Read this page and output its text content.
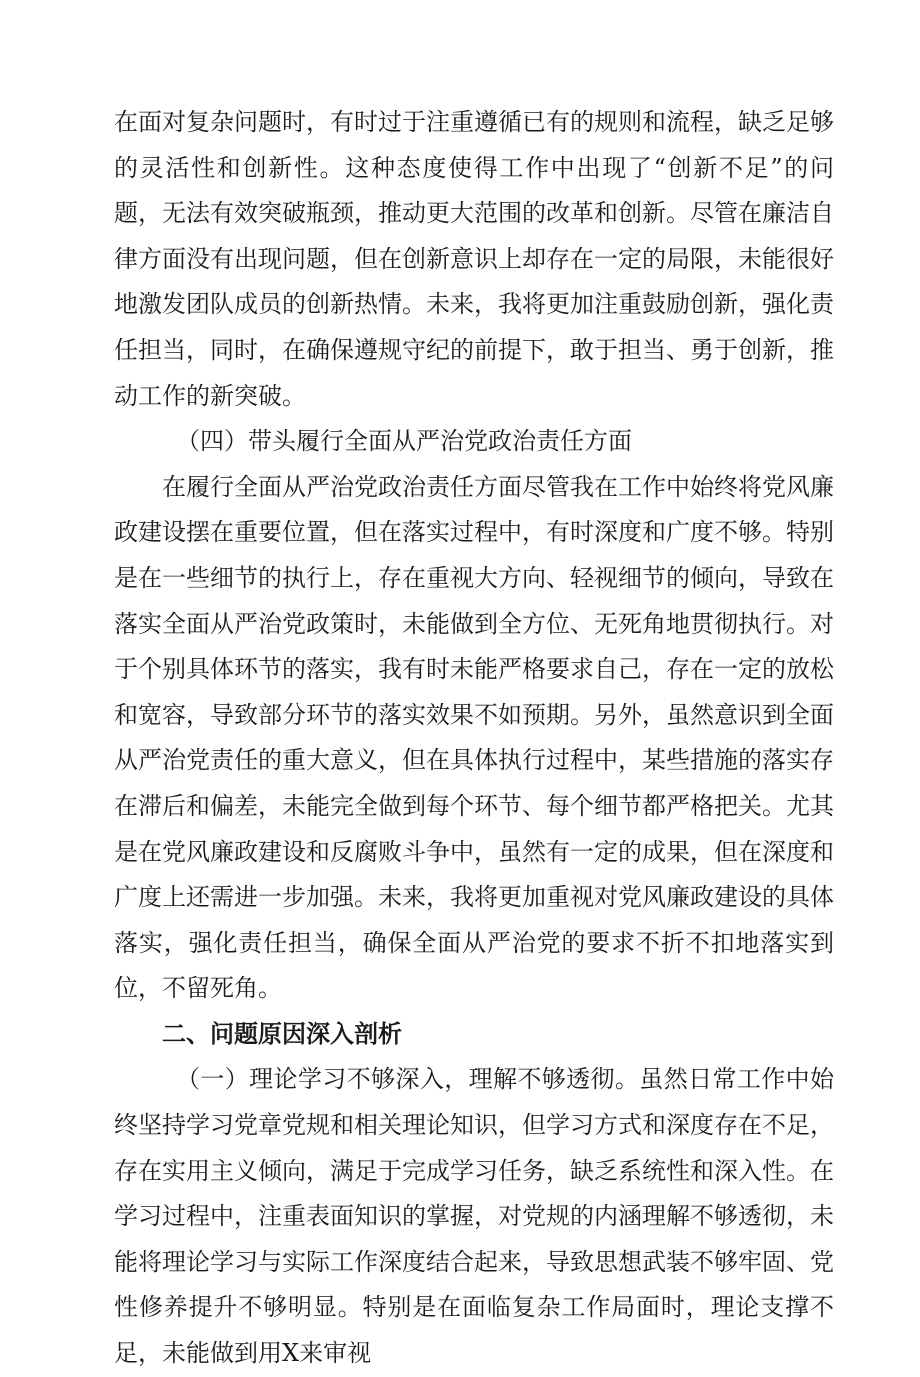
在面对复杂问题时，有时过于注重遵循已有的规则和流程，缺乏足够的灵活性和创新性。这种态度使得工作中出现了“创新不足”的问题，无法有效突破瓶颈，推动更大范围的改革和创新。尽管在廉洁自律方面没有出现问题，但在创新意识上却存在一定的局限，未能很好地激发团队成员的创新热情。未来，我将更加注重鼓励创新，强化责任担当，同时，在确保遵规守纪的前提下，敢于担当、勇于创新，推动工作的新突破。

（四）带头履行全面从严治党政治责任方面

在履行全面从严治党政治责任方面尽管我在工作中始终将党风廉政建设摆在重要位置，但在落实过程中，有时深度和广度不够。特别是在一些细节的执行上，存在重视大方向、轻视细节的倾向，导致在落实全面从严治党政策时，未能做到全方位、无死角地贯彻执行。对于个别具体环节的落实，我有时未能严格要求自己，存在一定的放松和宽容，导致部分环节的落实效果不如预期。另外，虽然意识到全面从严治党责任的重大意义，但在具体执行过程中，某些措施的落实存在滞后和偏差，未能完全做到每个环节、每个细节都严格把关。尤其是在党风廉政建设和反腐败斗争中，虽然有一定的成果，但在深度和广度上还需进一步加强。未来，我将更加重视对党风廉政建设的具体落实，强化责任担当，确保全面从严治党的要求不折不扣地落实到位，不留死角。

二、问题原因深入剖析

（一）理论学习不够深入，理解不够透彻。虽然日常工作中始终坚持学习党章党规和相关理论知识，但学习方式和深度存在不足，存在实用主义倾向，满足于完成学习任务，缺乏系统性和深入性。在学习过程中，注重表面知识的掌握，对党规的内涵理解不够透彻，未能将理论学习与实际工作深度结合起来，导致思想武装不够牢固、党性修养提升不够明显。特别是在面临复杂工作局面时，理论支撑不足，未能做到用X来审视
